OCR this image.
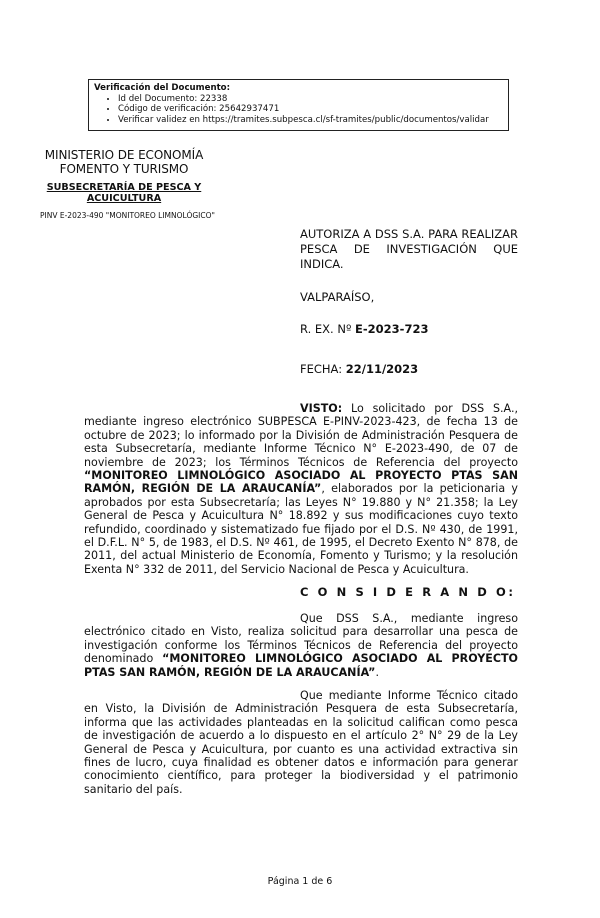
Verificación del Documento:
• Id del Documento: 22338
• Código de verificación: 25642937471
• Verificar validez en https://tramites.subpesca.cl/sf-tramites/public/documentos/validar
MINISTERIO DE ECONOMÍA
FOMENTO Y TURISMO
SUBSECRETARÍA DE PESCA Y ACUICULTURA
PINV E-2023-490 "MONITOREO LIMNOLÓGICO"
AUTORIZA A DSS S.A. PARA REALIZAR PESCA DE INVESTIGACIÓN QUE INDICA.
VALPARAÍSO,
R. EX. Nº E-2023-723
FECHA: 22/11/2023
VISTO: Lo solicitado por DSS S.A., mediante ingreso electrónico SUBPESCA E-PINV-2023-423, de fecha 13 de octubre de 2023; lo informado por la División de Administración Pesquera de esta Subsecretaría, mediante Informe Técnico N° E-2023-490, de 07 de noviembre de 2023; los Términos Técnicos de Referencia del proyecto “MONITOREO LIMNOLÓGICO ASOCIADO AL PROYECTO PTAS SAN RAMÓN, REGIÓN DE LA ARAUCANÍA”, elaborados por la peticionaria y aprobados por esta Subsecretaría; las Leyes N° 19.880 y N° 21.358; la Ley General de Pesca y Acuicultura N° 18.892 y sus modificaciones cuyo texto refundido, coordinado y sistematizado fue fijado por el D.S. Nº 430, de 1991, el D.F.L. N° 5, de 1983, el D.S. Nº 461, de 1995, el Decreto Exento N° 878, de 2011, del actual Ministerio de Economía, Fomento y Turismo; y la resolución Exenta N° 332 de 2011, del Servicio Nacional de Pesca y Acuicultura.
C O N S I D E R A N D O:
Que DSS S.A., mediante ingreso electrónico citado en Visto, realiza solicitud para desarrollar una pesca de investigación conforme los Términos Técnicos de Referencia del proyecto denominado “MONITOREO LIMNOLÓGICO ASOCIADO AL PROYECTO PTAS SAN RAMÓN, REGIÓN DE LA ARAUCANÍA”.
Que mediante Informe Técnico citado en Visto, la División de Administración Pesquera de esta Subsecretaría, informa que las actividades planteadas en la solicitud califican como pesca de investigación de acuerdo a lo dispuesto en el artículo 2° N° 29 de la Ley General de Pesca y Acuicultura, por cuanto es una actividad extractiva sin fines de lucro, cuya finalidad es obtener datos e información para generar conocimiento científico, para proteger la biodiversidad y el patrimonio sanitario del país.
Página 1 de 6
